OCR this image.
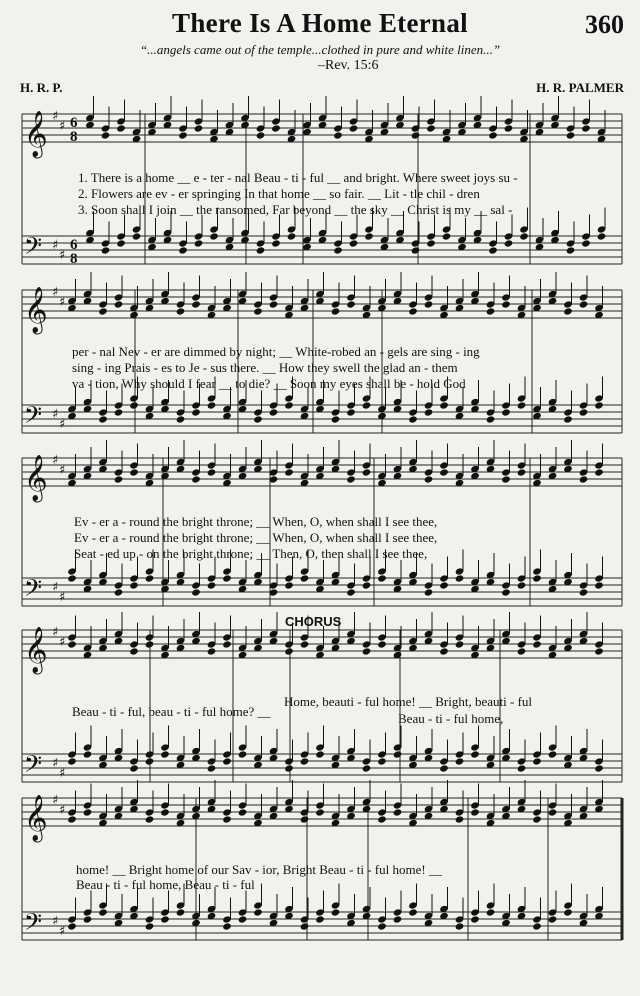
There Is A Home Eternal	360
“...angels came out of the temple...clothed in pure and white linen...”
–Rev. 15:6
H. R. P.	H. R. PALMER
𝄞 ♯
♯ 6
8
𝄢 ♯
♯
6
8
𝄞 ♯
♯
𝄢 ♯
♯
𝄞 ♯
♯
𝄢 ♯
♯
𝄞 ♯
♯
𝄢 ♯
♯
𝄞 ♯
♯
𝄢 ♯
♯
1. There is a home __ e - ter - nal Beau - ti - ful __ and bright. Where sweet joys su -
2. Flowers are ev - er springing In that home __ so fair. __ Lit - tle chil - dren
3. Soon shall I join __ the ransomed, Far beyond __ the sky __ Christ is my __ sal -
per - nal Nev - er are dimmed by night; __ White-robed an - gels are sing - ing
sing - ing Prais - es to Je - sus there. __ How they swell the glad an - them
va - tion, Why should I fear __ to die? __ Soon my eyes shall be - hold God
Ev - er a - round the bright throne; __ When, O, when shall I see thee,
Ev - er a - round the bright throne; __ When, O, when shall I see thee,
Seat - ed up - on the bright throne; __ Then, O, then shall I see thee,
CHORUS
Home, beauti - ful home! __ Bright, beauti - ful
Beau - ti - ful, beau - ti - ful home? __	Beau - ti - ful home,
home! __ Bright home of our Sav - ior, Bright Beau - ti - ful home! __
Beau - ti - ful home, Beau - ti - ful
